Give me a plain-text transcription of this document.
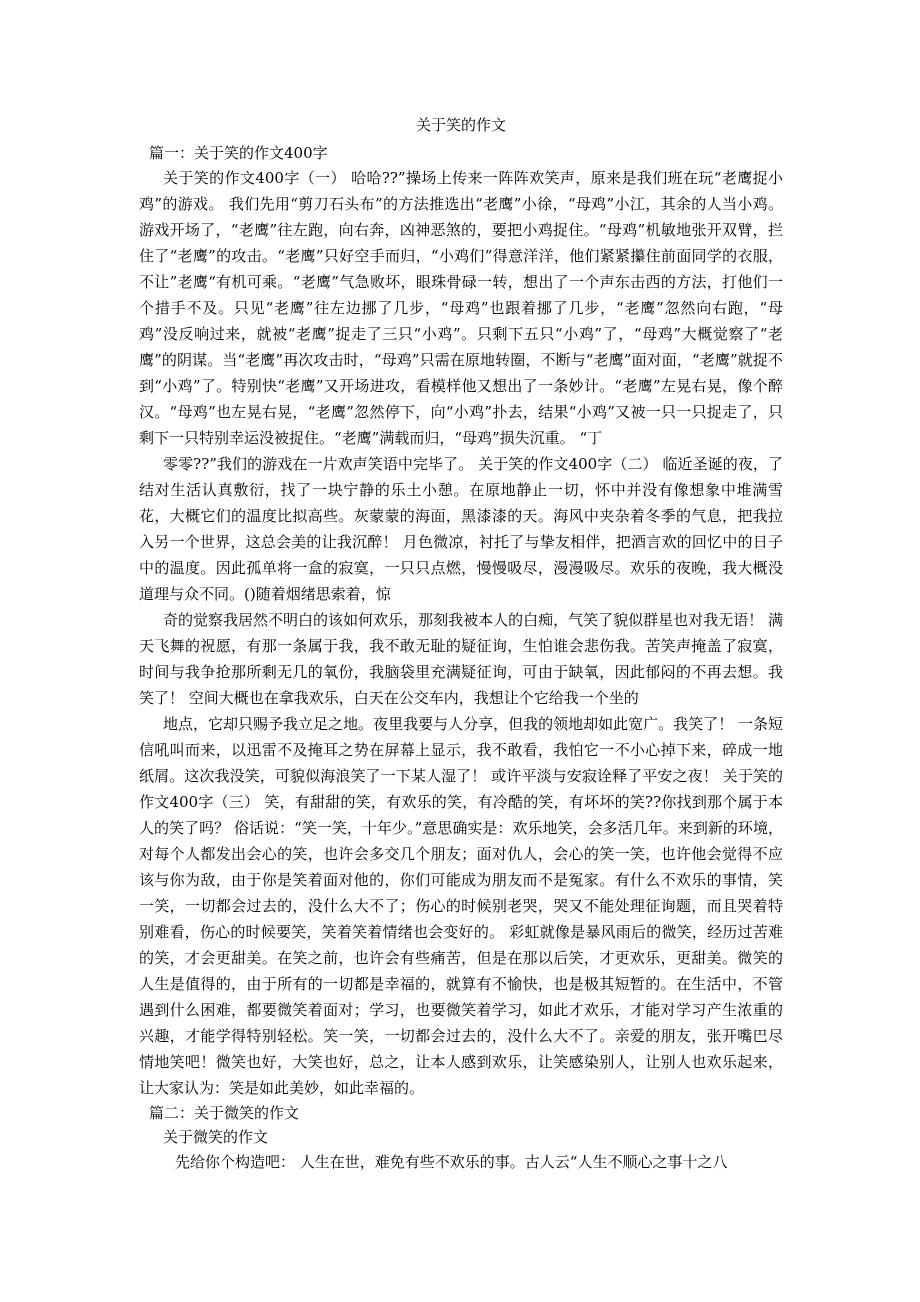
关于笑的作文
篇一：关于笑的作文400字

关于笑的作文400字（一） 哈哈??”操场上传来一阵阵欢笑声，原来是我们班在玩“老鹰捉小鸡”的游戏。 我们先用“剪刀石头布”的方法推选出“老鹰”小徐，“母鸡”小江，其余的人当小鸡。 游戏开场了，“老鹰”往左跑，向右奔，凶神恶煞的，要把小鸡捉住。“母鸡”机敏地张开双臂，拦住了“老鹰”的攻击。“老鹰”只好空手而归，“小鸡们”得意洋洋，他们紧紧攥住前面同学的衣服，不让”老鹰“有机可乘。“老鹰”气急败坏，眼珠骨碌一转，想出了一个声东击西的方法，打他们一个措手不及。只见“老鹰”往左边挪了几步，“母鸡”也跟着挪了几步，“老鹰”忽然向右跑，“母鸡”没反响过来，就被“老鹰”捉走了三只“小鸡”。只剩下五只“小鸡”了，“母鸡”大概觉察了“老鹰”的阴谋。当“老鹰”再次攻击时，“母鸡”只需在原地转圈，不断与“老鹰”面对面，“老鹰”就捉不到“小鸡”了。特别快“老鹰”又开场进攻，看模样他又想出了一条妙计。“老鹰”左晃右晃，像个醉汉。“母鸡”也左晃右晃，“老鹰”忽然停下，向“小鸡”扑去，结果“小鸡”又被一只一只捉走了，只剩下一只特别幸运没被捉住。“老鹰”满载而归，“母鸡”损失沉重。 “丁

零零??”我们的游戏在一片欢声笑语中完毕了。 关于笑的作文400字（二） 临近圣诞的夜，了结对生活认真敷衍，找了一块宁静的乐土小憩。在原地静止一切，怀中并没有像想象中堆满雪花，大概它们的温度比拟高些。灰蒙蒙的海面，黑漆漆的天。海风中夹杂着冬季的气息，把我拉入另一个世界，这总会美的让我沉醉！ 月色微凉，衬托了与挚友相伴，把酒言欢的回忆中的日子中的温度。因此孤单将一盒的寂寞，一只只点燃，慢慢吸尽，漫漫吸尽。欢乐的夜晚，我大概没道理与众不同。()随着烟绪思索着，惊

奇的觉察我居然不明白的该如何欢乐，那刻我被本人的白痴，气笑了貌似群星也对我无语！ 满天飞舞的祝愿，有那一条属于我，我不敢无耻的疑征询，生怕谁会悲伤我。苦笑声掩盖了寂寞，时间与我争抢那所剩无几的氧份，我脑袋里充满疑征询，可由于缺氧，因此郁闷的不再去想。我笑了！ 空间大概也在拿我欢乐，白天在公交车内，我想让个它给我一个坐的

地点，它却只赐予我立足之地。夜里我要与人分享，但我的领地却如此宽广。我笑了！ 一条短信吼叫而来，以迅雷不及掩耳之势在屏幕上显示，我不敢看，我怕它一不小心掉下来，碎成一地纸屑。这次我没笑，可貌似海浪笑了一下某人湿了！ 或许平淡与安寂诠释了平安之夜！ 关于笑的作文400字（三） 笑，有甜甜的笑，有欢乐的笑，有冷酷的笑，有坏坏的笑??你找到那个属于本人的笑了吗？ 俗话说：“笑一笑，十年少。”意思确实是：欢乐地笑，会多活几年。来到新的环境，对每个人都发出会心的笑，也许会多交几个朋友；面对仇人，会心的笑一笑，也许他会觉得不应该与你为敌，由于你是笑着面对他的，你们可能成为朋友而不是冤家。有什么不欢乐的事情，笑一笑，一切都会过去的，没什么大不了；伤心的时候别老哭，哭又不能处理征询题，而且哭着特别难看，伤心的时候要笑，笑着笑着情绪也会变好的。 彩虹就像是暴风雨后的微笑，经历过苦难的笑，才会更甜美。在笑之前，也许会有些痛苦，但是在那以后笑，才更欢乐，更甜美。微笑的人生是值得的，由于所有的一切都是幸福的，就算有不愉快，也是极其短暂的。在生活中，不管遇到什么困难，都要微笑着面对；学习，也要微笑着学习，如此才欢乐，才能对学习产生浓重的兴趣，才能学得特别轻松。笑一笑，一切都会过去的，没什么大不了。亲爱的朋友，张开嘴巴尽情地笑吧！微笑也好，大笑也好，总之，让本人感到欢乐，让笑感染别人，让别人也欢乐起来，让大家认为：笑是如此美妙，如此幸福的。

篇二：关于微笑的作文
关于微笑的作文

先给你个构造吧： 人生在世，难免有些不欢乐的事。古人云“人生不顺心之事十之八
